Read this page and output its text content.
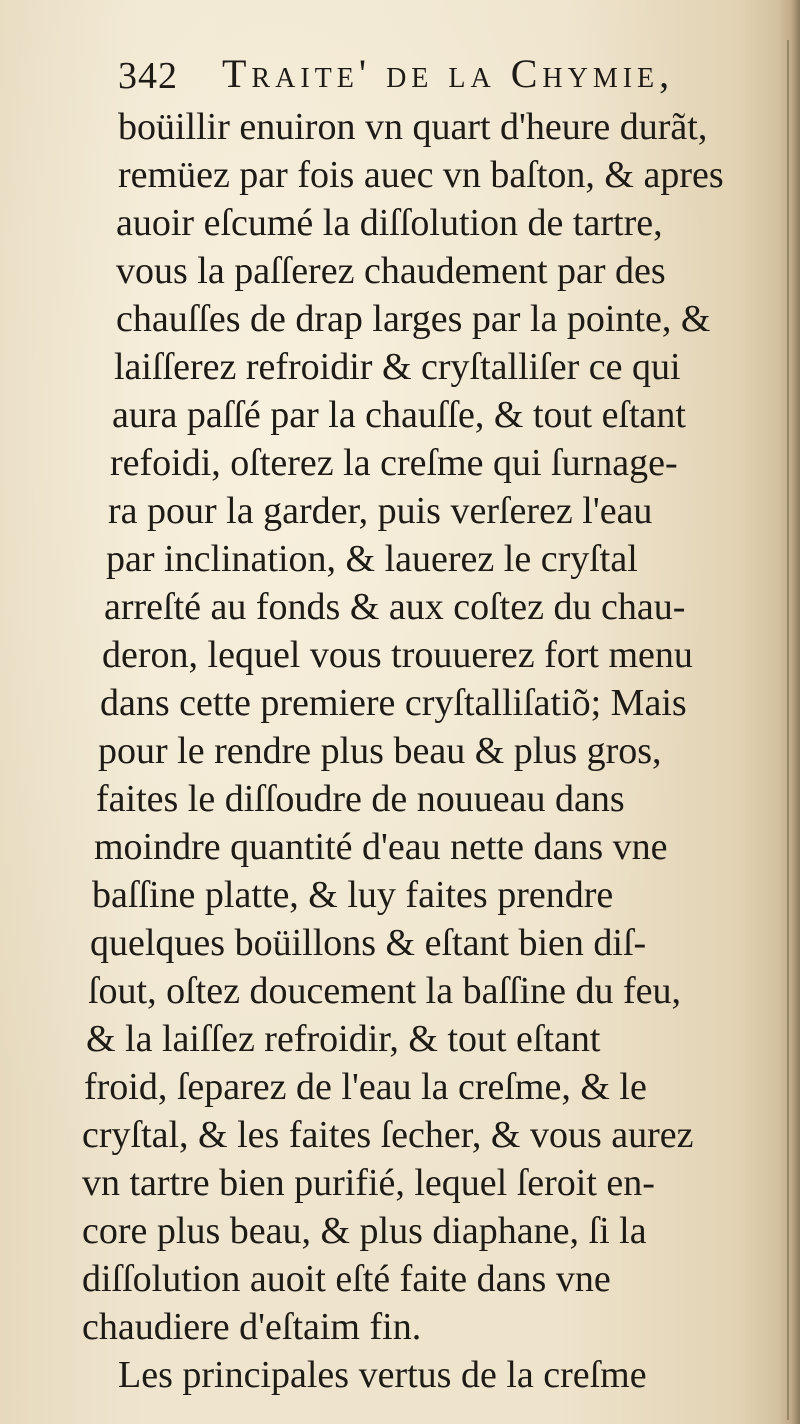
342 Traite' de la Chymie,
boüillir enuiron vn quart d'heure durãt,
remüez par fois auec vn baſton, & apres
auoir eſcumé la diſſolution de tartre,
vous la paſſerez chaudement par des
chauſſes de drap larges par la pointe, &
laiſſerez refroidir & cryſtalliſer ce qui
aura paſſé par la chauſſe, & tout eſtant
refoidi, oſterez la creſme qui ſurnage-
ra pour la garder, puis verſerez l'eau
par inclination, & lauerez le cryſtal
arreſté au fonds & aux coſtez du chau-
deron, lequel vous trouuerez fort menu
dans cette premiere cryſtalliſatiõ; Mais
pour le rendre plus beau & plus gros,
faites le diſſoudre de nouueau dans
moindre quantité d'eau nette dans vne
baſſine platte, & luy faites prendre
quelques boüillons & eſtant bien diſ-
ſout, oſtez doucement la baſſine du feu,
& la laiſſez refroidir, & tout eſtant
froid, ſeparez de l'eau la creſme, & le
cryſtal, & les faites ſecher, & vous aurez
vn tartre bien purifié, lequel ſeroit en-
core plus beau, & plus diaphane, ſi la
diſſolution auoit eſté faite dans vne
chaudiere d'eſtaim fin.
Les principales vertus de la creſme
